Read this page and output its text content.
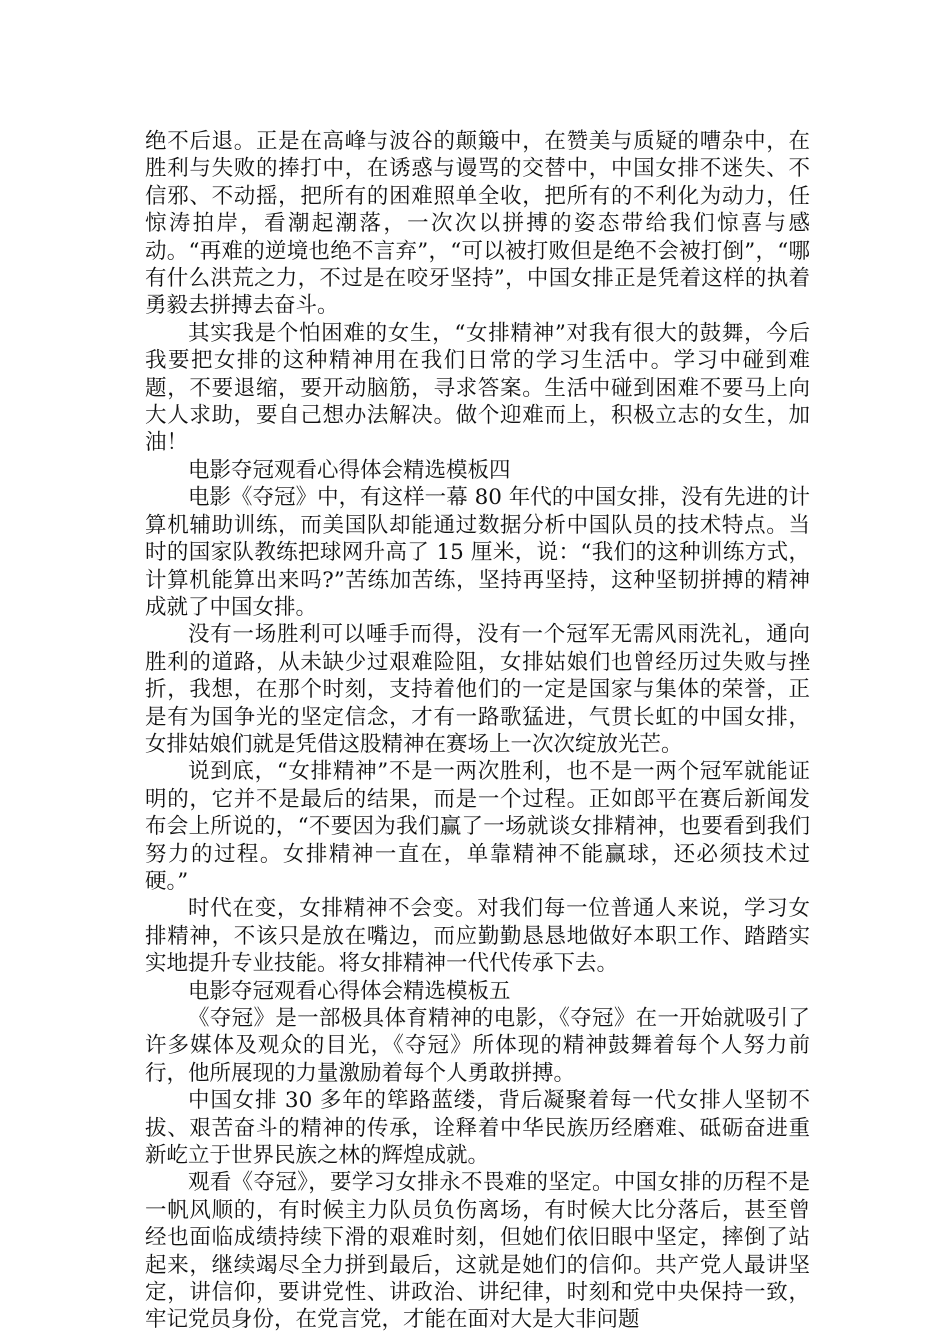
绝不后退。正是在高峰与波谷的颠簸中，在赞美与质疑的嘈杂中，在胜利与失败的捧打中，在诱惑与谩骂的交替中，中国女排不迷失、不信邪、不动摇，把所有的困难照单全收，把所有的不利化为动力，任惊涛拍岸，看潮起潮落，一次次以拼搏的姿态带给我们惊喜与感动。“再难的逆境也绝不言弃”，“可以被打败但是绝不会被打倒”，“哪有什么洪荒之力，不过是在咬牙坚持”，中国女排正是凭着这样的执着勇毅去拼搏去奋斗。

其实我是个怕困难的女生，“女排精神”对我有很大的鼓舞，今后我要把女排的这种精神用在我们日常的学习生活中。学习中碰到难题，不要退缩，要开动脑筋，寻求答案。生活中碰到困难不要马上向大人求助，要自己想办法解决。做个迎难而上，积极立志的女生，加油！

电影夺冠观看心得体会精选模板四

电影《夺冠》中，有这样一幕 80 年代的中国女排，没有先进的计算机辅助训练，而美国队却能通过数据分析中国队员的技术特点。当时的国家队教练把球网升高了 15 厘米，说：“我们的这种训练方式，计算机能算出来吗?”苦练加苦练，坚持再坚持，这种坚韧拼搏的精神成就了中国女排。

没有一场胜利可以唾手而得，没有一个冠军无需风雨洗礼，通向胜利的道路，从未缺少过艰难险阻，女排姑娘们也曾经历过失败与挫折，我想，在那个时刻，支持着他们的一定是国家与集体的荣誉，正是有为国争光的坚定信念，才有一路歌猛进，气贯长虹的中国女排，女排姑娘们就是凭借这股精神在赛场上一次次绽放光芒。

说到底，“女排精神”不是一两次胜利，也不是一两个冠军就能证明的，它并不是最后的结果，而是一个过程。正如郎平在赛后新闻发布会上所说的，“不要因为我们赢了一场就谈女排精神，也要看到我们努力的过程。女排精神一直在，单靠精神不能赢球，还必须技术过硬。”

时代在变，女排精神不会变。对我们每一位普通人来说，学习女排精神，不该只是放在嘴边，而应勤勤恳恳地做好本职工作、踏踏实实地提升专业技能。将女排精神一代代传承下去。

电影夺冠观看心得体会精选模板五

《夺冠》是一部极具体育精神的电影，《夺冠》在一开始就吸引了许多媒体及观众的目光，《夺冠》所体现的精神鼓舞着每个人努力前行，他所展现的力量激励着每个人勇敢拼搏。

中国女排 30 多年的筚路蓝缕，背后凝聚着每一代女排人坚韧不拔、艰苦奋斗的精神的传承，诠释着中华民族历经磨难、砥砺奋进重新屹立于世界民族之林的辉煌成就。

观看《夺冠》，要学习女排永不畏难的坚定。中国女排的历程不是一帆风顺的，有时候主力队员负伤离场，有时候大比分落后，甚至曾经也面临成绩持续下滑的艰难时刻，但她们依旧眼中坚定，摔倒了站起来，继续竭尽全力拼到最后，这就是她们的信仰。共产党人最讲坚定，讲信仰，要讲党性、讲政治、讲纪律，时刻和党中央保持一致，牢记党员身份，在党言党，才能在面对大是大非问题
